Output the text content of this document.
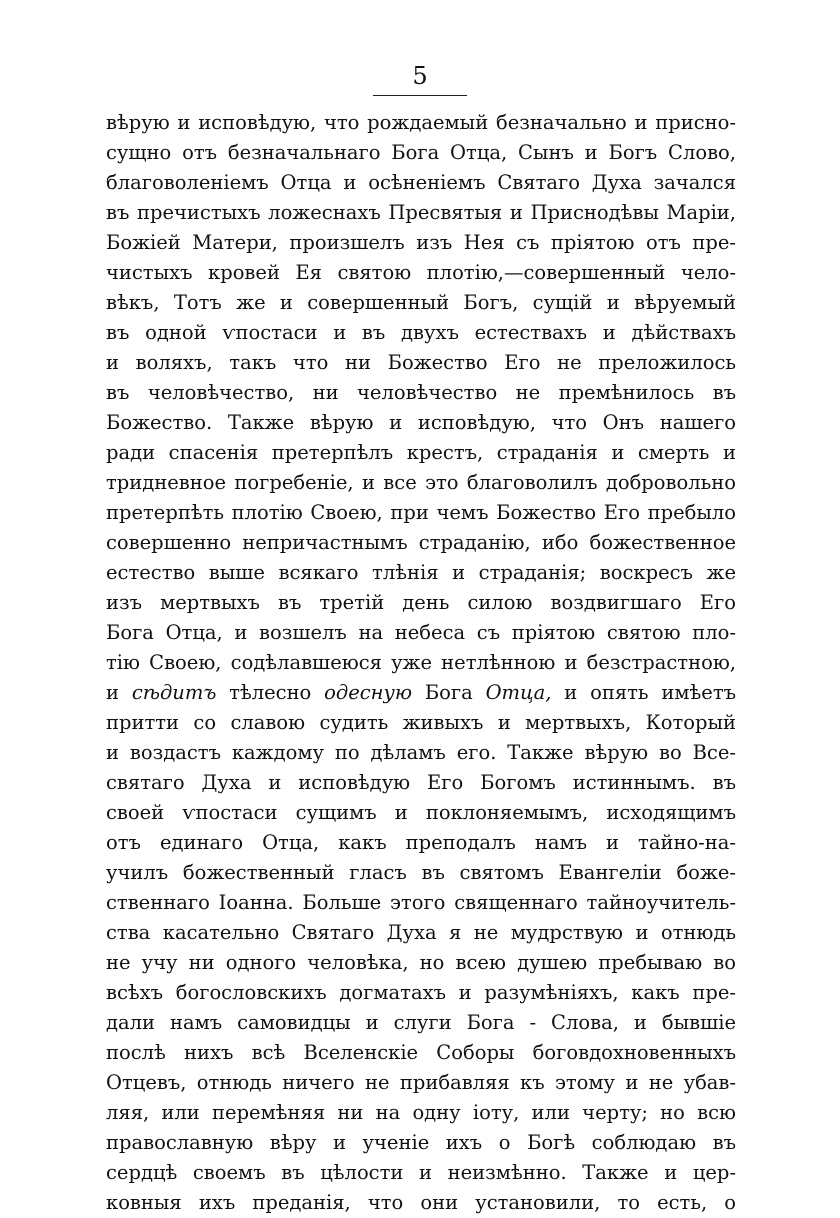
5
вѣрую и исповѣдую, что рождаемый безначально и присно-
сущно отъ безначальнаго Бога Отца, Сынъ и Богъ Слово,
благоволеніемъ Отца и осѣненіемъ Святаго Духа зачался
въ пречистыхъ ложеснахъ Пресвятыя и Приснодѣвы Маріи,
Божіей Матери, произшелъ изъ Нея съ пріятою отъ пре-
чистыхъ кровей Ея святою плотію,—совершенный чело-
вѣкъ, Тотъ же и совершенный Богъ, сущій и вѣруемый
въ одной ѵпостаси и въ двухъ естествахъ и дѣйствахъ
и воляхъ, такъ что ни Божество Его не преложилось
въ человѣчество, ни человѣчество не премѣнилось въ
Божество. Также вѣрую и исповѣдую, что Онъ нашего
ради спасенія претерпѣлъ крестъ, страданія и смерть и
тридневное погребеніе, и все это благоволилъ добровольно
претерпѣть плотію Своею, при чемъ Божество Его пребыло
совершенно непричастнымъ страданію, ибо божественное
естество выше всякаго тлѣнія и страданія; воскресъ же
изъ мертвыхъ въ третій день силою воздвигшаго Его
Бога Отца, и возшелъ на небеса съ пріятою святою пло-
тію Своею, содѣлавшеюся уже нетлѣнною и безстрастною,
и сѣдитъ тѣлесно одесную Бога Отца, и опять имѣетъ
притти со славою судить живыхъ и мертвыхъ, Который
и воздастъ каждому по дѣламъ его. Также вѣрую во Все-
святаго Духа и исповѣдую Его Богомъ истиннымъ. въ
своей ѵпостаси сущимъ и поклоняемымъ, исходящимъ
отъ единаго Отца, какъ преподалъ намъ и тайно-на-
училъ божественный гласъ въ святомъ Евангеліи боже-
ственнаго Іоанна. Больше этого священнаго тайноучитель-
ства касательно Святаго Духа я не мудрствую и отнюдь
не учу ни одного человѣка, но всею душею пребываю во
всѣхъ богословскихъ догматахъ и разумѣніяхъ, какъ пре-
дали намъ самовидцы и слуги Бога - Слова, и бывшіе
послѣ нихъ всѣ Вселенскіе Соборы боговдохновенныхъ
Отцевъ, отнюдь ничего не прибавляя къ этому и не убав-
ляя, или перемѣняя ни на одну іоту, или черту; но всю
православную вѣру и ученіе ихъ о Богѣ соблюдаю въ
сердцѣ своемъ въ цѣлости и неизмѣнно. Также и цер-
ковныя ихъ преданія, что они установили, то есть, о
